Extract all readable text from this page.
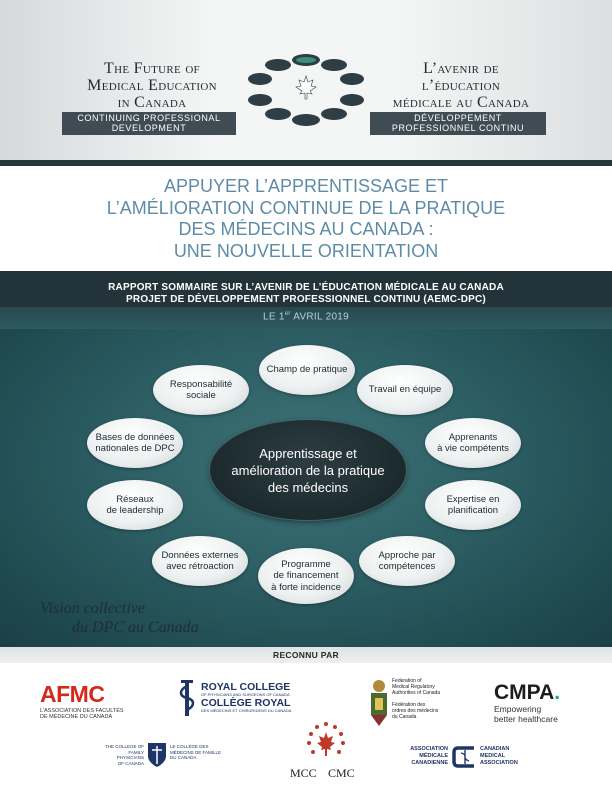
The Future of
Medical Education
in Canada
CONTINUING PROFESSIONAL
DEVELOPMENT
L’avenir de
l’éducation
médicale au Canada
DÉVELOPPEMENT
PROFESSIONNEL CONTINU
APPUYER L’APPRENTISSAGE ET
L’AMÉLIORATION CONTINUE DE LA PRATIQUE
DES MÉDECINS AU CANADA :
UNE NOUVELLE ORIENTATION
RAPPORT SOMMAIRE SUR L’AVENIR DE L’ÉDUCATION MÉDICALE AU CANADA
PROJET DE DÉVELOPPEMENT PROFESSIONNEL CONTINU (AEMC-DPC)
LE 1er AVRIL 2019
Champ de pratique
Travail en équipe
Apprenants
à vie compétents
Expertise en
planification
Approche par
compétences
Programme
de financement
à forte incidence
Données externes
avec rétroaction
Réseaux
de leadership
Bases de données
nationales de DPC
Responsabilité
sociale
Apprentissage et
amélioration de la pratique
des médecins
Vision collective
du DPC au Canada
RECONNU PAR
AFMC
L’ASSOCIATION DES FACULTÉS
DE MÉDECINE DU CANADA
ROYAL COLLEGE
OF PHYSICIANS AND SURGEONS OF CANADA
COLLÈGE ROYAL
DES MÉDECINS ET CHIRURGIENS DU CANADA
Federation of
Medical Regulatory
Authorities of Canada
Fédération des
ordres des médecins
du Canada
CMPA.
Empowering
better healthcare
THE COLLEGE OF
FAMILY PHYSICIANS
OF CANADA
LE COLLÈGE DES
MÉDECINS DE FAMILLE
DU CANADA
MCC CMC
ASSOCIATION
MÉDICALE
CANADIENNE
CANADIAN
MEDICAL
ASSOCIATION
